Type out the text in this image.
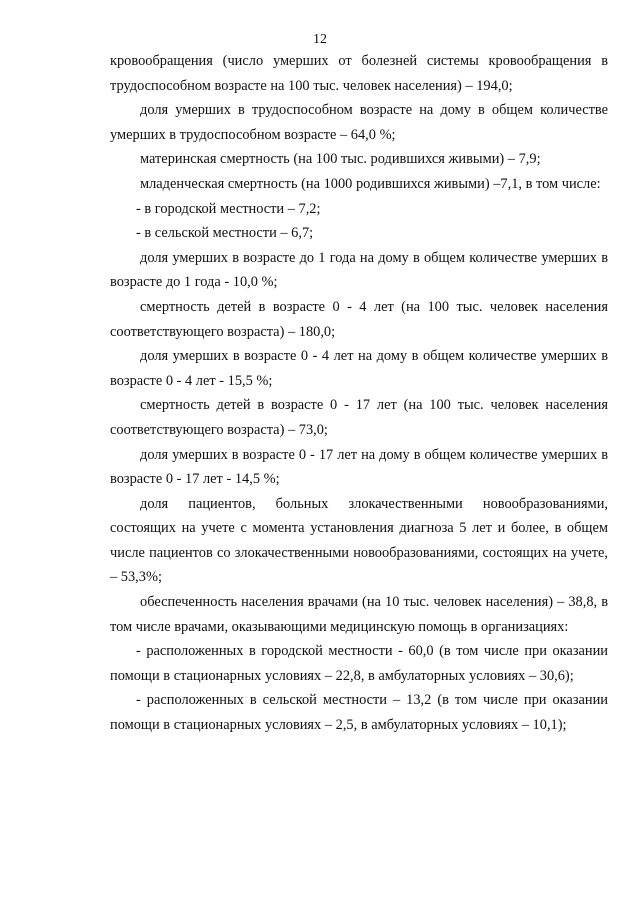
12

кровообращения (число умерших от болезней системы кровообращения в трудоспособном возрасте на 100 тыс. человек населения) – 194,0;

доля умерших в трудоспособном возрасте на дому в общем количестве умерших в трудоспособном возрасте – 64,0 %;

материнская смертность (на 100 тыс. родившихся живыми) – 7,9;

младенческая смертность (на 1000 родившихся живыми) –7,1, в том числе:

- в городской местности – 7,2;

- в сельской местности – 6,7;

доля умерших в возрасте до 1 года на дому в общем количестве умерших в возрасте до 1 года - 10,0 %;

смертность детей в возрасте 0 - 4 лет (на 100 тыс. человек населения соответствующего возраста) – 180,0;

доля умерших в возрасте 0 - 4 лет на дому в общем количестве умерших в возрасте 0 - 4 лет - 15,5 %;

смертность детей в возрасте 0 - 17 лет (на 100 тыс. человек населения соответствующего возраста) – 73,0;

доля умерших в возрасте 0 - 17 лет на дому в общем количестве умерших в возрасте 0 - 17 лет - 14,5 %;

доля пациентов, больных злокачественными новообразованиями, состоящих на учете с момента установления диагноза 5 лет и более, в общем числе пациентов со злокачественными новообразованиями, состоящих на учете, – 53,3%;

обеспеченность населения врачами (на 10 тыс. человек населения) – 38,8, в том числе врачами, оказывающими медицинскую помощь в организациях:

- расположенных в городской местности - 60,0 (в том числе при оказании помощи в стационарных условиях – 22,8, в амбулаторных условиях – 30,6);

- расположенных в сельской местности – 13,2 (в том числе при оказании помощи в стационарных условиях – 2,5, в амбулаторных условиях – 10,1);
